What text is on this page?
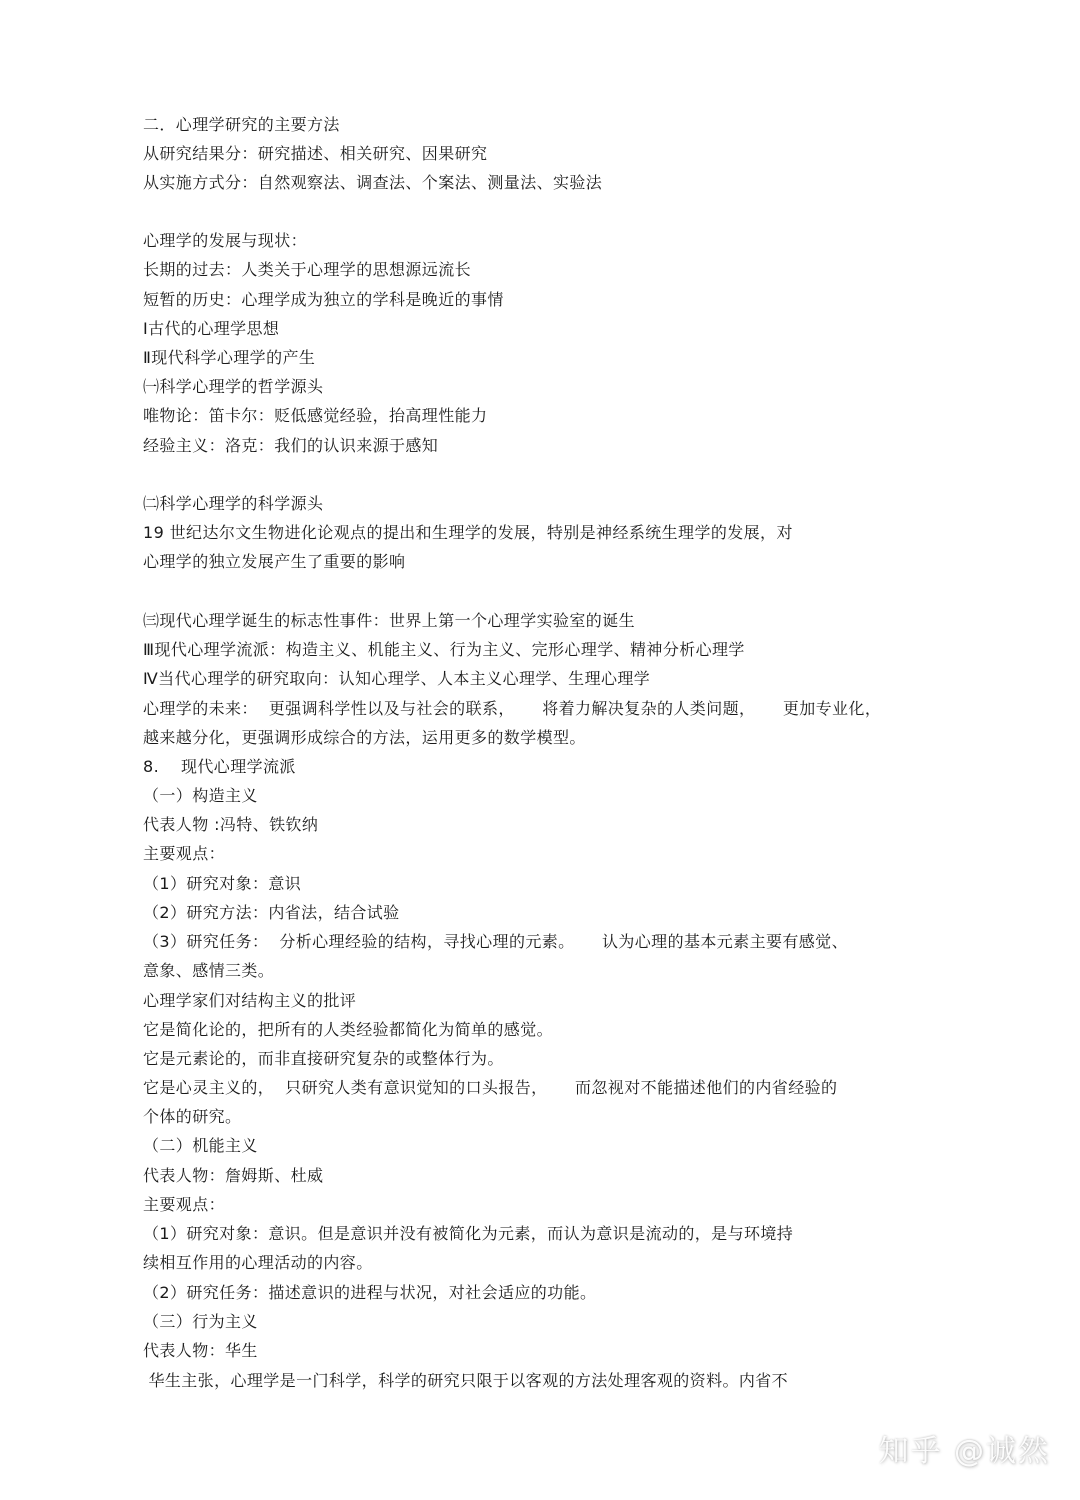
二．心理学研究的主要方法
从研究结果分：研究描述、相关研究、因果研究
从实施方式分：自然观察法、调查法、个案法、测量法、实验法
心理学的发展与现状：
长期的过去：人类关于心理学的思想源远流长
短暂的历史：心理学成为独立的学科是晚近的事情
Ⅰ古代的心理学思想
Ⅱ现代科学心理学的产生
㈠科学心理学的哲学源头
唯物论：笛卡尔：贬低感觉经验，抬高理性能力
经验主义：洛克：我们的认识来源于感知
㈡科学心理学的科学源头
19 世纪达尔文生物进化论观点的提出和生理学的发展，特别是神经系统生理学的发展，对
心理学的独立发展产生了重要的影响
㈢现代心理学诞生的标志性事件：世界上第一个心理学实验室的诞生
Ⅲ现代心理学流派：构造主义、机能主义、行为主义、完形心理学、精神分析心理学
Ⅳ当代心理学的研究取向：认知心理学、人本主义心理学、生理心理学
心理学的未来：  更强调科学性以及与社会的联系，     将着力解决复杂的人类问题，     更加专业化，
越来越分化，更强调形成综合的方法，运用更多的数学模型。
8.    现代心理学流派
（一）构造主义
代表人物 :冯特、铁钦纳
主要观点：
（1）研究对象：意识
（2）研究方法：内省法，结合试验
（3）研究任务：  分析心理经验的结构，寻找心理的元素。     认为心理的基本元素主要有感觉、
意象、感情三类。
心理学家们对结构主义的批评
它是简化论的，把所有的人类经验都简化为简单的感觉。
它是元素论的，而非直接研究复杂的或整体行为。
它是心灵主义的，  只研究人类有意识觉知的口头报告，     而忽视对不能描述他们的内省经验的
个体的研究。
（二）机能主义
代表人物：詹姆斯、杜威
主要观点：
（1）研究对象：意识。但是意识并没有被简化为元素，而认为意识是流动的，是与环境持
续相互作用的心理活动的内容。
（2）研究任务：描述意识的进程与状况，对社会适应的功能。
（三）行为主义
代表人物：华生
华生主张，心理学是一门科学，科学的研究只限于以客观的方法处理客观的资料。内省不
知乎 @诚然
